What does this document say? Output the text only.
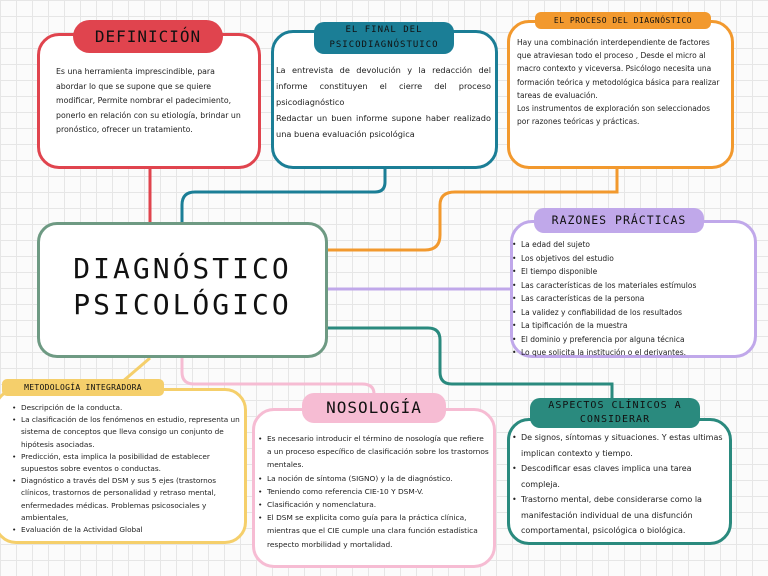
DEFINICIÓN
Es una herramienta imprescindible, para abordar lo que se supone que se quiere modificar, Permite nombrar el padecimiento, ponerlo en relación con su etiología, brindar un pronóstico, ofrecer un tratamiento.
EL FINAL DEL
PSICODIAGNÓSTUICO

La entrevista de devolución y la redacción del informe constituyen el cierre del proceso psicodiagnóstico

Redactar un buen informe supone haber realizado una buena evaluación psicológica

EL PROCESO DEL DIAGNÓSTICO

Hay una combinación interdependiente de factores que atraviesan todo el proceso , Desde el micro al macro contexto y viceversa. Psicólogo necesita una formación teórica y metodológica básica para realizar tareas de evaluación.

Los instrumentos de exploración son seleccionados por razones teóricas y prácticas.

DIAGNÓSTICO
PSICOLÓGICO
RAZONES PRÁCTICAS
• La edad del sujeto
• Los objetivos del estudio
• El tiempo disponible
• Las características de los materiales estímulos
• Las características de la persona
• La validez y confiabilidad de los resultados
• La tipificación de la muestra
• El dominio y preferencia por alguna técnica
• Lo que solicita la institución o el derivantes.
METODOLOGÍA INTEGRADORA
• Descripción de la conducta.
• La clasificación de los fenómenos en estudio, representa un sistema de conceptos que lleva consigo un conjunto de hipótesis asociadas.
• Predicción, esta implica la posibilidad de establecer supuestos sobre eventos o conductas.
• Diagnóstico a través del DSM y sus 5 ejes (trastornos clínicos, trastornos de personalidad y retraso mental, enfermedades médicas. Problemas psicosociales y ambientales,
• Evaluación de la Actividad Global
NOSOLOGÍA
• Es necesario introducir el término de nosología que refiere a un proceso específico de clasificación sobre los trastornos mentales.
• La noción de síntoma (SIGNO) y la de diagnóstico.
• Teniendo como referencia CIE-10 Y DSM-V.
• Clasificación y nomenclatura.
• El DSM se explicita como guía para la práctica clínica, mientras que el CIE cumple una clara función estadística respecto morbilidad y mortalidad.
ASPECTOS CLÍNICOS A
CONSIDERAR
• De signos, síntomas y situaciones. Y estas ultimas implican contexto y tiempo.
• Descodificar esas claves implica una tarea compleja.
• Trastorno mental, debe considerarse como la manifestación individual de una disfunción comportamental, psicológica o biológica.
